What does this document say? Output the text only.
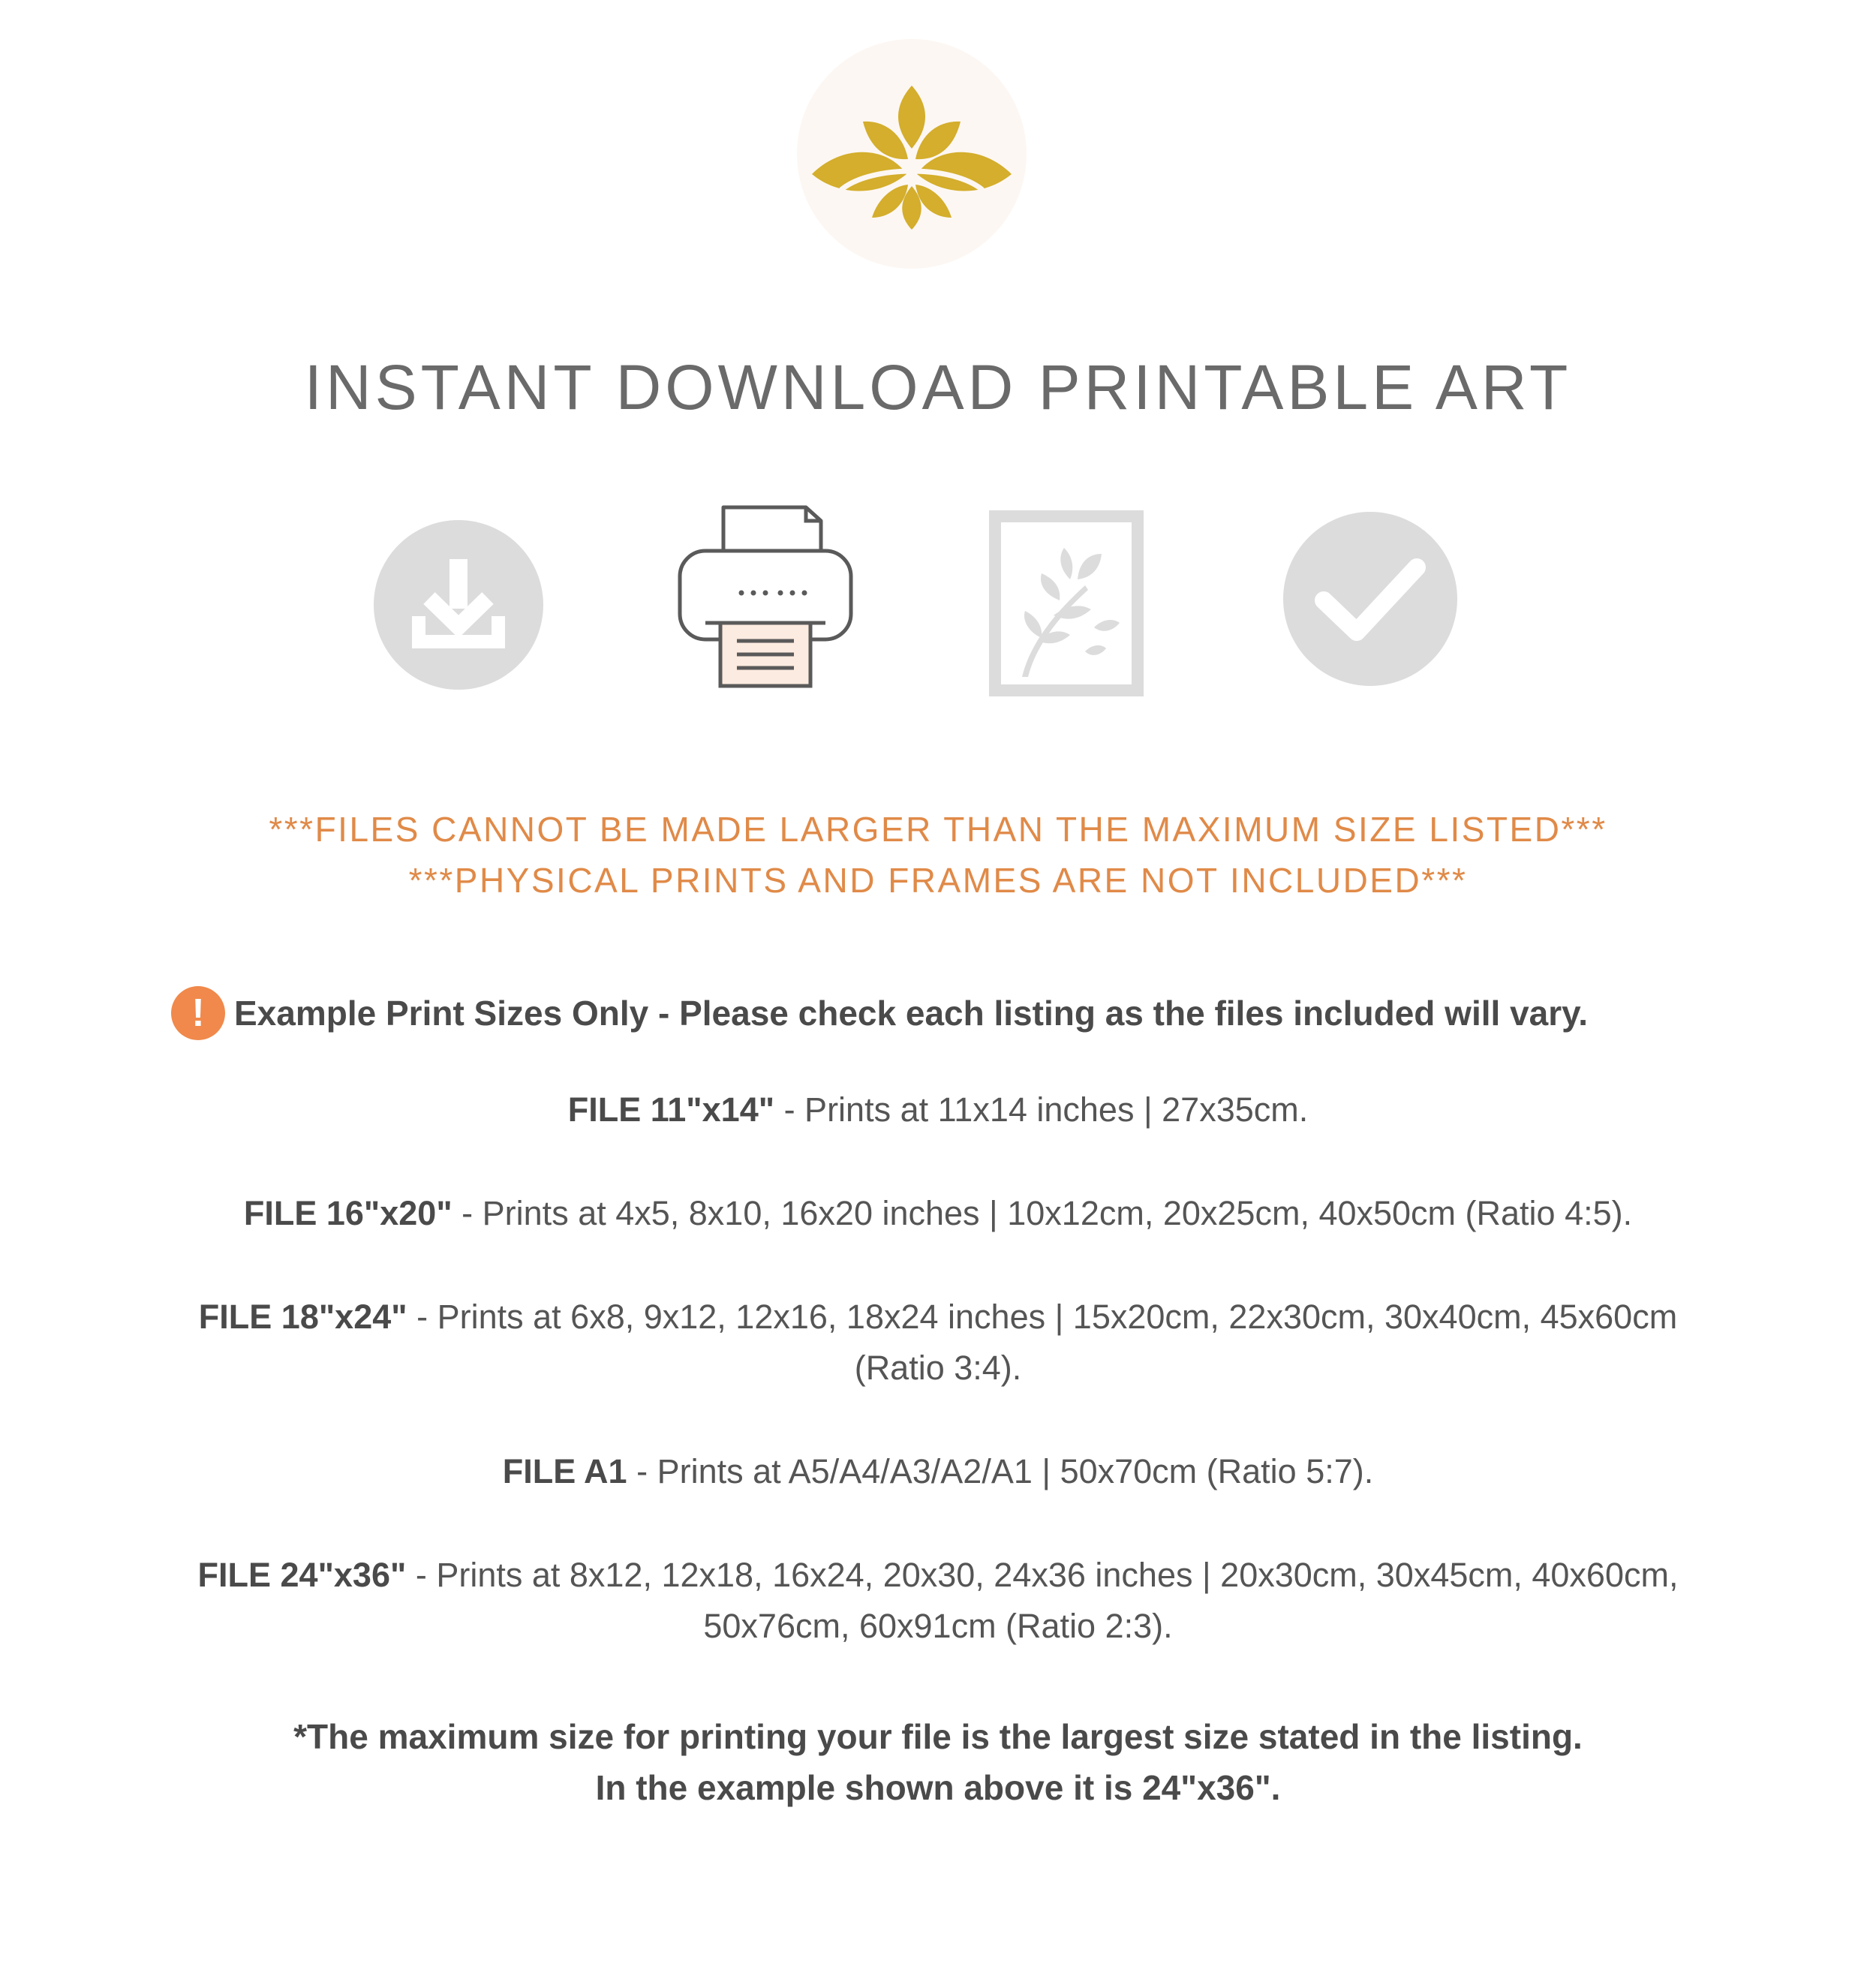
INSTANT DOWNLOAD PRINTABLE ART

***FILES CANNOT BE MADE LARGER THAN THE MAXIMUM SIZE LISTED***

***PHYSICAL PRINTS AND FRAMES ARE NOT INCLUDED***

! Example Print Sizes Only - Please check each listing as the files included will vary.

FILE 11"x14" - Prints at 11x14 inches | 27x35cm.

FILE 16"x20" - Prints at 4x5, 8x10, 16x20 inches | 10x12cm, 20x25cm, 40x50cm (Ratio 4:5).

FILE 18"x24" - Prints at 6x8, 9x12, 12x16, 18x24 inches | 15x20cm, 22x30cm, 30x40cm, 45x60cm (Ratio 3:4).

FILE A1 - Prints at A5/A4/A3/A2/A1 | 50x70cm (Ratio 5:7).

FILE 24"x36" - Prints at 8x12, 12x18, 16x24, 20x30, 24x36 inches | 20x30cm, 30x45cm, 40x60cm, 50x76cm, 60x91cm (Ratio 2:3).

*The maximum size for printing your file is the largest size stated in the listing.
In the example shown above it is 24"x36".
